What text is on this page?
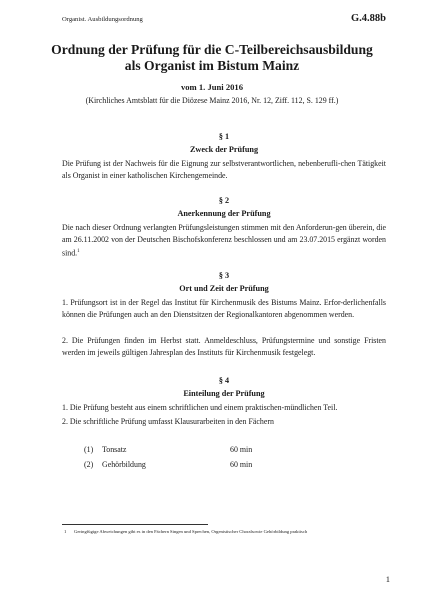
Organist. Ausbildungsordnung	G.4.88b
Ordnung der Prüfung für die C-Teilbereichsausbildung
als Organist im Bistum Mainz
vom 1. Juni 2016
(Kirchliches Amtsblatt für die Diözese Mainz 2016, Nr. 12, Ziff. 112, S. 129 ff.)
§ 1
Zweck der Prüfung
Die Prüfung ist der Nachweis für die Eignung zur selbstverantwortlichen, nebenberufli-chen Tätigkeit als Organist in einer katholischen Kirchengemeinde.
§ 2
Anerkennung der Prüfung
Die nach dieser Ordnung verlangten Prüfungsleistungen stimmen mit den Anforderun-gen überein, die am 26.11.2002 von der Deutschen Bischofskonferenz beschlossen und am 23.07.2015 ergänzt worden sind.$^1$
§ 3
Ort und Zeit der Prüfung
1. Prüfungsort ist in der Regel das Institut für Kirchenmusik des Bistums Mainz. Erfor-derlichenfalls können die Prüfungen auch an den Dienstsitzen der Regionalkantoren abgenommen werden.
2. Die Prüfungen finden im Herbst statt. Anmeldeschluss, Prüfungstermine und sonstige Fristen werden im jeweils gültigen Jahresplan des Instituts für Kirchenmusik festgelegt.
§ 4
Einteilung der Prüfung
1. Die Prüfung besteht aus einem schriftlichen und einem praktischen-mündlichen Teil.
2. Die schriftliche Prüfung umfasst Klausurarbeiten in den Fächern
(1) Tonsatz	60 min
(2) Gehörbildung	60 min
1 Geringfügige Abweichungen gibt es in den Fächern Singen und Sprechen, Orgenistischer Choralsowie Gehörbildung praktisch
1
